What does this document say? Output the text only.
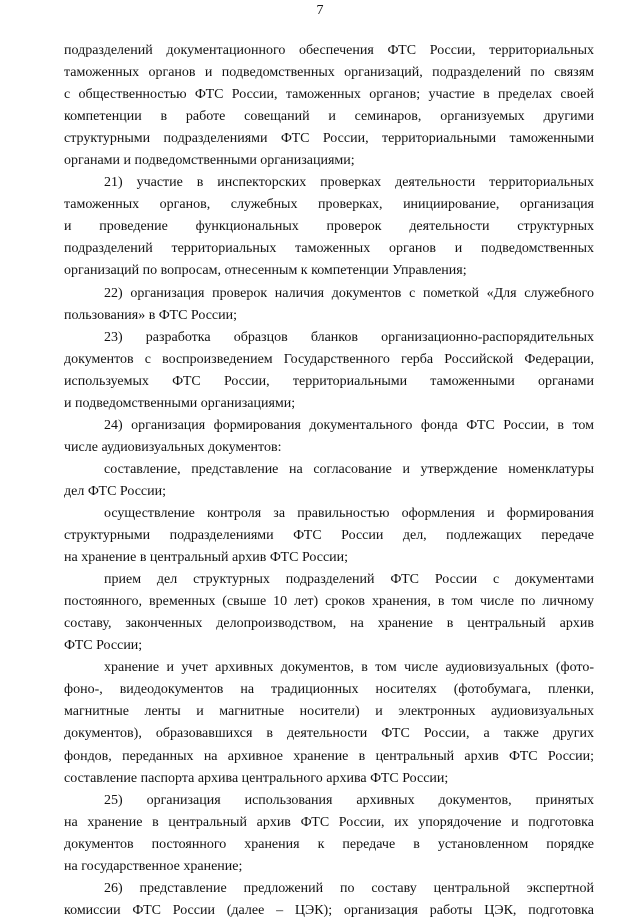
7
подразделений документационного обеспечения ФТС России, территориальных
таможенных органов и подведомственных организаций, подразделений по связям
с общественностью ФТС России, таможенных органов; участие в пределах своей
компетенции в работе совещаний и семинаров, организуемых другими
структурными подразделениями ФТС России, территориальными таможенными
органами и подведомственными организациями;
21) участие в инспекторских проверках деятельности территориальных
таможенных органов, служебных проверках, инициирование, организация
и проведение функциональных проверок деятельности структурных
подразделений территориальных таможенных органов и подведомственных
организаций по вопросам, отнесенным к компетенции Управления;
22) организация проверок наличия документов с пометкой «Для служебного
пользования» в ФТС России;
23) разработка образцов бланков организационно-распорядительных
документов с воспроизведением Государственного герба Российской Федерации,
используемых ФТС России, территориальными таможенными органами
и подведомственными организациями;
24) организация формирования документального фонда ФТС России, в том
числе аудиовизуальных документов:
составление, представление на согласование и утверждение номенклатуры
дел ФТС России;
осуществление контроля за правильностью оформления и формирования
структурными подразделениями ФТС России дел, подлежащих передаче
на хранение в центральный архив ФТС России;
прием дел структурных подразделений ФТС России с документами
постоянного, временных (свыше 10 лет) сроков хранения, в том числе по личному
составу, законченных делопроизводством, на хранение в центральный архив
ФТС России;
хранение и учет архивных документов, в том числе аудиовизуальных (фото-
фоно-, видеодокументов на традиционных носителях (фотобумага, пленки,
магнитные ленты и магнитные носители) и электронных аудиовизуальных
документов), образовавшихся в деятельности ФТС России, а также других
фондов, переданных на архивное хранение в центральный архив ФТС России;
составление паспорта архива центрального архива ФТС России;
25) организация использования архивных документов, принятых
на хранение в центральный архив ФТС России, их упорядочение и подготовка
документов постоянного хранения к передаче в установленном порядке
на государственное хранение;
26) представление предложений по составу центральной экспертной
комиссии ФТС России (далее – ЦЭК); организация работы ЦЭК, подготовка
